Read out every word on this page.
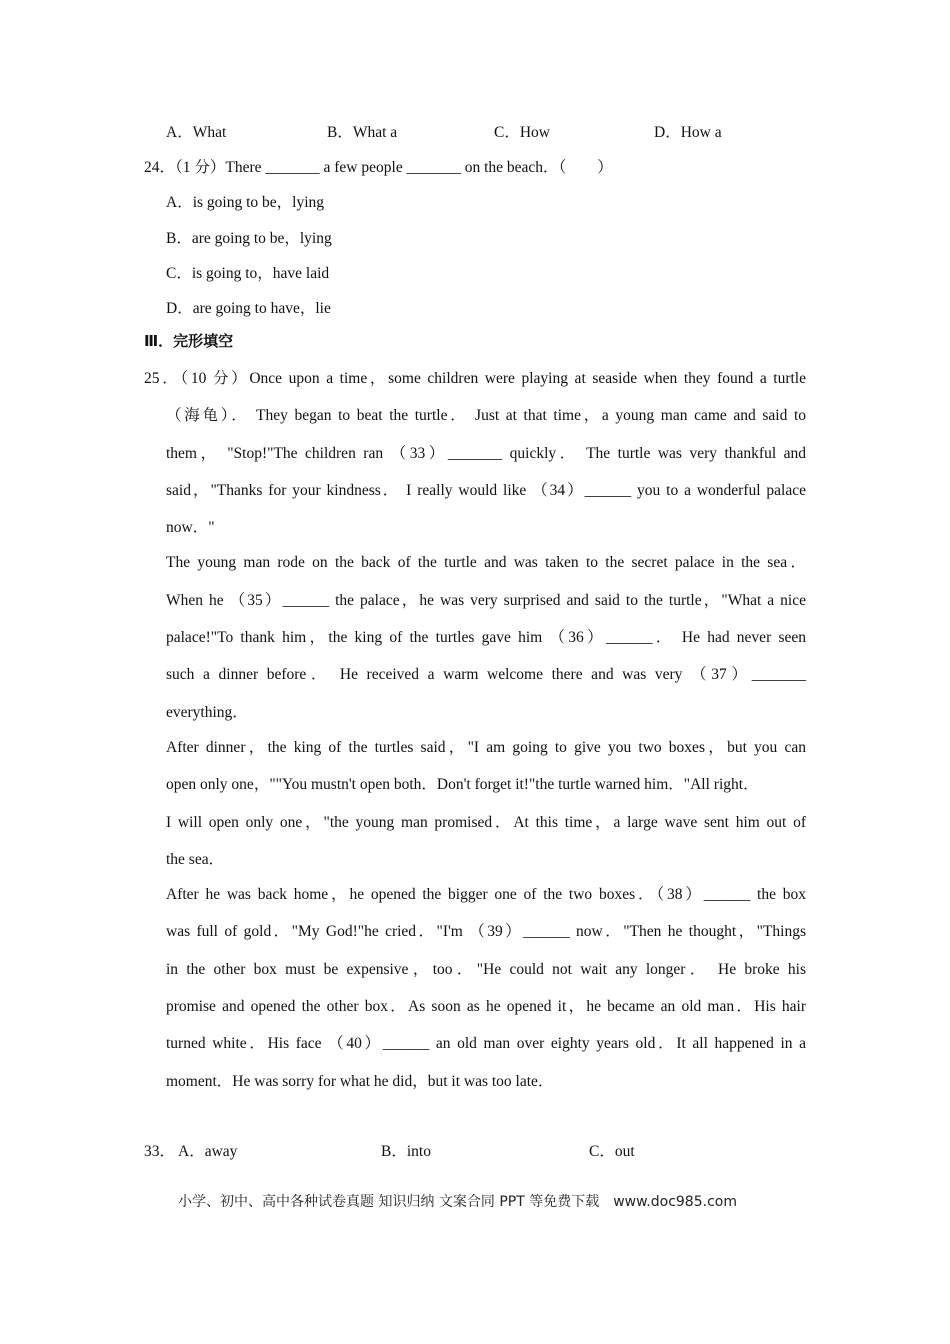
A．What	B．What a	C．How	D．How a
24．（1 分）There _______ a few people _______ on the beach．（　　）
A．is going to be，lying
B．are going to be，lying
C．is going to，have laid
D．are going to have，lie
Ⅲ．完形填空
25．（10 分）Once upon a time，some children were playing at seaside when they found a turtle
（海龟）． They began to beat the turtle． Just at that time，a young man came and said to
them， "Stop!"The children ran （33）_______ quickly． The turtle was very thankful and
said，"Thanks for your kindness． I really would like （34）______ you to a wonderful palace
now．"
The young man rode on the back of the turtle and was taken to the secret palace in the sea．
When he （35）______ the palace，he was very surprised and said to the turtle，"What a nice
palace!"To thank him，the king of the turtles gave him （36）______． He had never seen
such a dinner before． He received a warm welcome there and was very （37）_______
everything．
After dinner，the king of the turtles said，"I am going to give you two boxes，but you can
open only one，""You mustn't open both．Don't forget it!"the turtle warned him．"All right．
I will open only one，"the young man promised．At this time，a large wave sent him out of
the sea．
After he was back home，he opened the bigger one of the two boxes．（38）______ the box
was full of gold．"My God!"he cried．"I'm （39）______ now．"Then he thought，"Things
in the other box must be expensive，too．"He could not wait any longer． He broke his
promise and opened the other box．As soon as he opened it，he became an old man．His hair
turned white．His face （40）______ an old man over eighty years old．It all happened in a
moment．He was sorry for what he did，but it was too late．
33． A．away	B．into	C．out
小学、初中、高中各种试卷真题 知识归纳 文案合同 PPT 等免费下载　www.doc985.com
